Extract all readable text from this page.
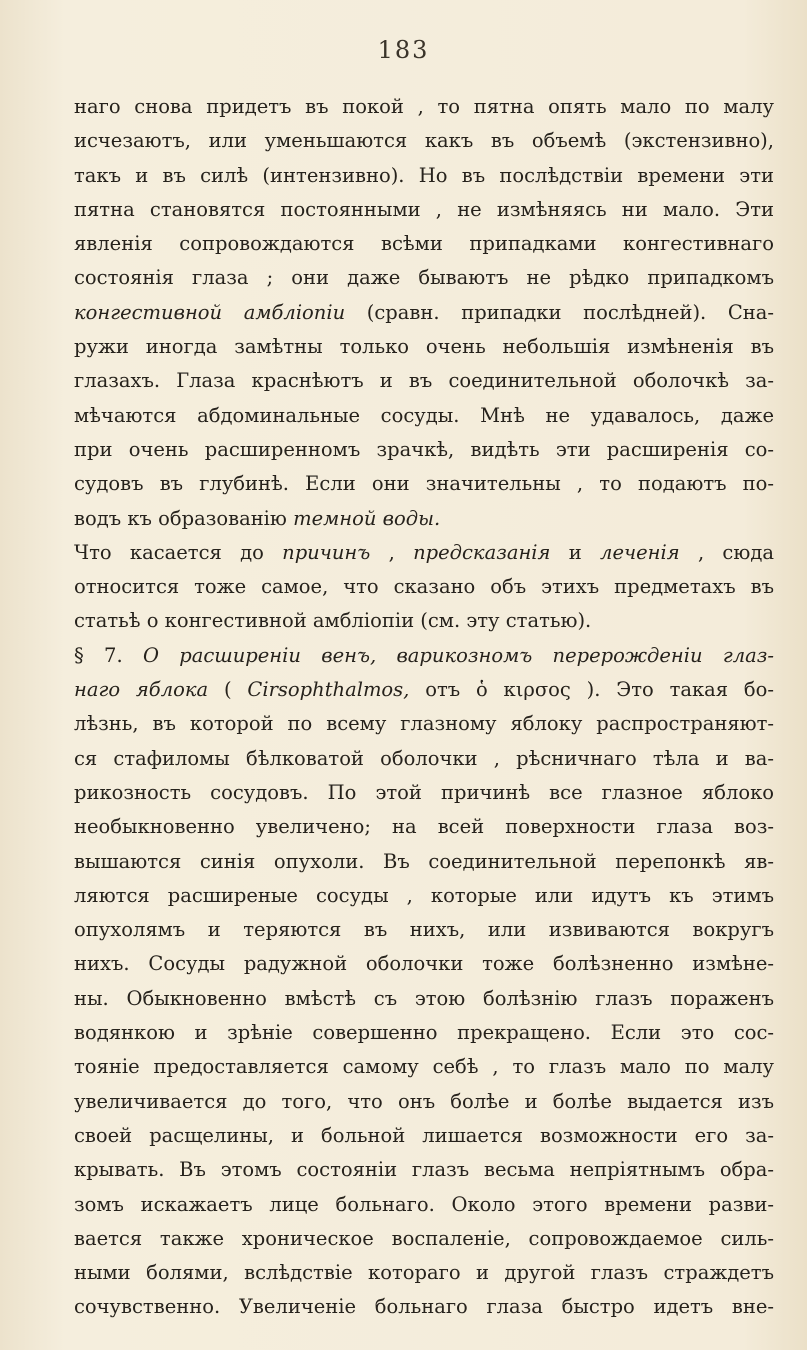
183
наго снова придетъ въ покой , то пятна опять мало по малу
исчезаютъ, или уменьшаются какъ въ объемѣ (экстензивно),
такъ и въ силѣ (интензивно). Но въ послѣдствіи времени эти
пятна становятся постоянными , не измѣняясь ни мало. Эти
явленія сопровождаются всѣми припадками конгестивнаго
состоянія глаза ; они даже бываютъ не рѣдко припадкомъ
конгестивной амбліопіи (сравн. припадки послѣдней). Сна-
ружи иногда замѣтны только очень небольшія измѣненія въ
глазахъ. Глаза краснѣютъ и въ соединительной оболочкѣ за-
мѣчаются абдоминальные сосуды. Мнѣ не удавалось, даже
при очень расширенномъ зрачкѣ, видѣть эти расширенія со-
судовъ въ глубинѣ. Если они значительны , то подаютъ по-
водъ къ образованію темной воды.
Что касается до причинъ , предсказанія и леченія , сюда
относится тоже самое, что сказано объ этихъ предметахъ въ
статьѣ о конгестивной амбліопіи (см. эту статью).
§ 7. О расширеніи венъ, варикозномъ перерожденіи глаз-
наго яблока ( Cirsophthalmos, отъ ὁ κιρσος ). Это такая бо-
лѣзнь, въ которой по всему глазному яблоку распространяют-
ся стафиломы бѣлковатой оболочки , рѣсничнаго тѣла и ва-
рикозность сосудовъ. По этой причинѣ все глазное яблоко
необыкновенно увеличено; на всей поверхности глаза воз-
вышаются синія опухоли. Въ соединительной перепонкѣ яв-
ляются расширеные сосуды , которые или идутъ къ этимъ
опухолямъ и теряются въ нихъ, или извиваются вокругъ
нихъ. Сосуды радужной оболочки тоже болѣзненно измѣне-
ны. Обыкновенно вмѣстѣ съ этою болѣзнію глазъ пораженъ
водянкою и зрѣніе совершенно прекращено. Если это сос-
тояніе предоставляется самому себѣ , то глазъ мало по малу
увеличивается до того, что онъ болѣе и болѣе выдается изъ
своей расщелины, и больной лишается возможности его за-
крывать. Въ этомъ состояніи глазъ весьма непріятнымъ обра-
зомъ искажаетъ лице больнаго. Около этого времени разви-
вается также хроническое воспаленіе, сопровождаемое силь-
ными болями, вслѣдствіе котораго и другой глазъ страждетъ
сочувственно. Увеличеніе больнаго глаза быстро идетъ вне-
